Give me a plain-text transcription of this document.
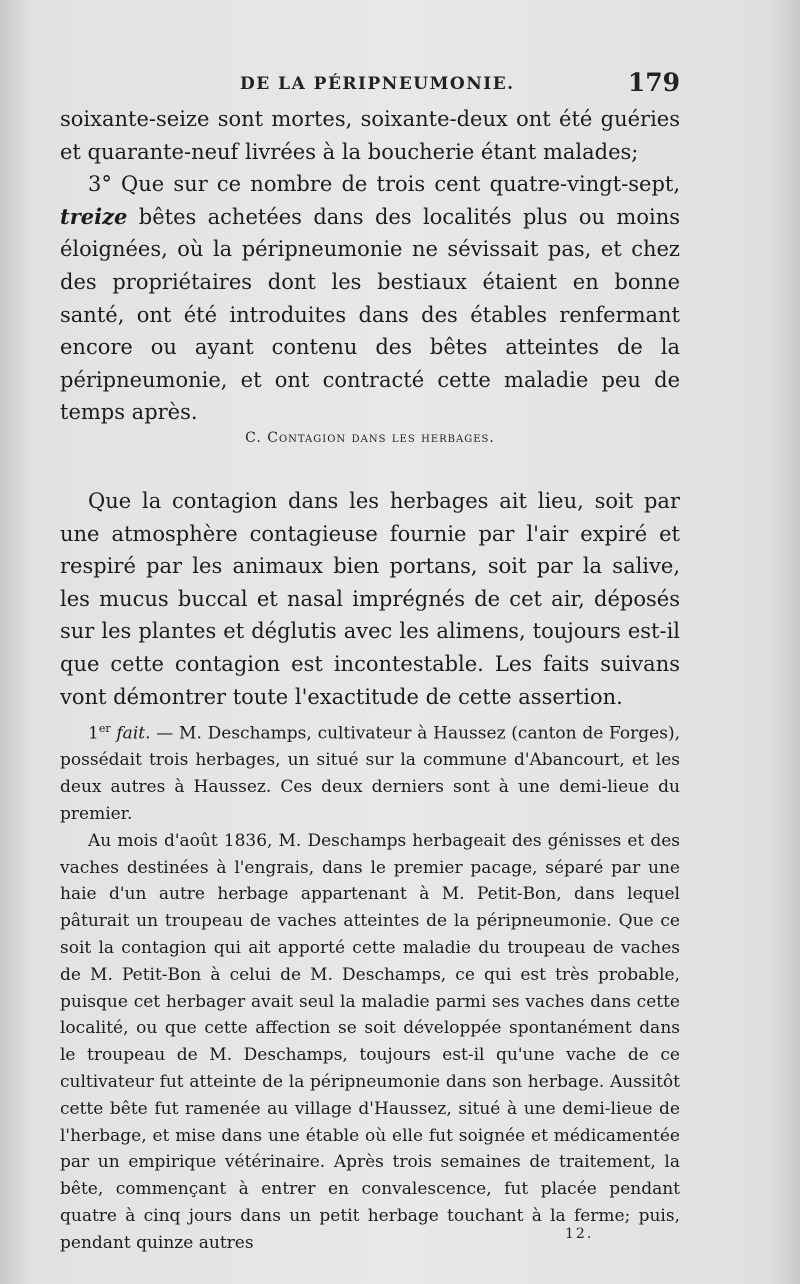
DE LA PÉRIPNEUMONIE.	179

soixante-seize sont mortes, soixante-deux ont été guéries et quarante-neuf livrées à la boucherie étant malades;

3° Que sur ce nombre de trois cent quatre-vingt-sept, treize bêtes achetées dans des localités plus ou moins éloignées, où la péripneumonie ne sévissait pas, et chez des propriétaires dont les bestiaux étaient en bonne santé, ont été introduites dans des étables renfermant encore ou ayant contenu des bêtes atteintes de la péripneumonie, et ont contracté cette maladie peu de temps après.

C. Contagion dans les herbages.

Que la contagion dans les herbages ait lieu, soit par une atmosphère contagieuse fournie par l'air expiré et respiré par les animaux bien portans, soit par la salive, les mucus buccal et nasal imprégnés de cet air, déposés sur les plantes et déglutis avec les alimens, toujours est-il que cette contagion est incontestable. Les faits suivans vont démontrer toute l'exactitude de cette assertion.

1er fait. — M. Deschamps, cultivateur à Haussez (canton de Forges), possédait trois herbages, un situé sur la commune d'Abancourt, et les deux autres à Haussez. Ces deux derniers sont à une demi-lieue du premier.

Au mois d'août 1836, M. Deschamps herbageait des génisses et des vaches destinées à l'engrais, dans le premier pacage, séparé par une haie d'un autre herbage appartenant à M. Petit-Bon, dans lequel pâturait un troupeau de vaches atteintes de la péripneumonie. Que ce soit la contagion qui ait apporté cette maladie du troupeau de vaches de M. Petit-Bon à celui de M. Deschamps, ce qui est très probable, puisque cet herbager avait seul la maladie parmi ses vaches dans cette localité, ou que cette affection se soit développée spontanément dans le troupeau de M. Deschamps, toujours est-il qu'une vache de ce cultivateur fut atteinte de la péripneumonie dans son herbage. Aussitôt cette bête fut ramenée au village d'Haussez, situé à une demi-lieue de l'herbage, et mise dans une étable où elle fut soignée et médicamentée par un empirique vétérinaire. Après trois semaines de traitement, la bête, commençant à entrer en convalescence, fut placée pendant quatre à cinq jours dans un petit herbage touchant à la ferme; puis, pendant quinze autres	12.
